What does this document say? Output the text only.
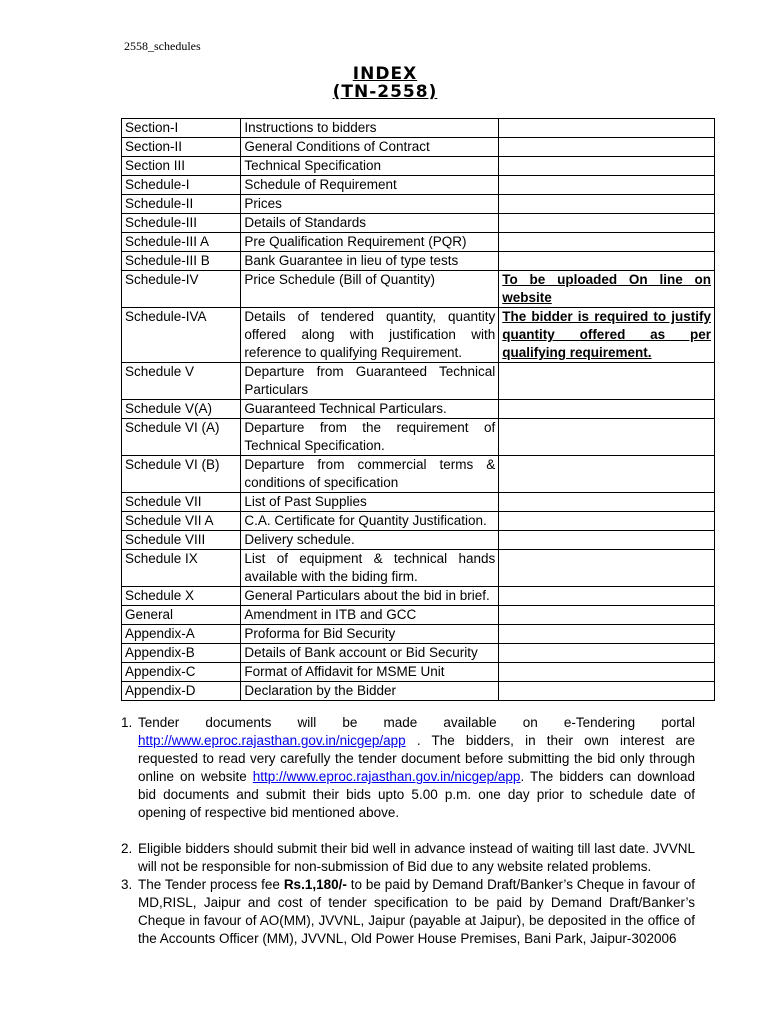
2558_schedules
INDEX
(TN-2558)
Section-I	Instructions to bidders	
Section-II	General Conditions of Contract	
Section III	Technical Specification	
Schedule-I	Schedule of Requirement	
Schedule-II	Prices	
Schedule-III	Details of Standards	
Schedule-III A	Pre Qualification Requirement (PQR)	
Schedule-III B	Bank Guarantee in lieu of type tests	
Schedule-IV	Price Schedule (Bill of Quantity)	To be uploaded On line on website
Schedule-IVA	Details of tendered quantity, quantity offered along with justification with reference to qualifying Requirement.	The bidder is required to justify quantity offered as per qualifying requirement.
Schedule V	Departure from Guaranteed Technical Particulars	
Schedule V(A)	Guaranteed Technical Particulars.	
Schedule VI (A)	Departure from the requirement of Technical Specification.	
Schedule VI (B)	Departure from commercial terms & conditions of specification	
Schedule VII	List of Past Supplies	
Schedule VII A	C.A. Certificate for Quantity Justification.	
Schedule VIII	Delivery schedule.	
Schedule IX	List of equipment & technical hands available with the biding firm.	
Schedule X	General Particulars about the bid in brief.	
General	Amendment in ITB and GCC	
Appendix-A	Proforma for Bid Security	
Appendix-B	Details of Bank account or Bid Security	
Appendix-C	Format of Affidavit for MSME Unit	
Appendix-D	Declaration by the Bidder	
1. Tender documents will be made available on e-Tendering portal http://www.eproc.rajasthan.gov.in/nicgep/app . The bidders, in their own interest are requested to read very carefully the tender document before submitting the bid only through online on website http://www.eproc.rajasthan.gov.in/nicgep/app. The bidders can download bid documents and submit their bids upto 5.00 p.m. one day prior to schedule date of opening of respective bid mentioned above.
2. Eligible bidders should submit their bid well in advance instead of waiting till last date. JVVNL will not be responsible for non-submission of Bid due to any website related problems.
3. The Tender process fee Rs.1,180/- to be paid by Demand Draft/Banker’s Cheque in favour of MD,RISL, Jaipur and cost of tender specification to be paid by Demand Draft/Banker’s Cheque in favour of AO(MM), JVVNL, Jaipur (payable at Jaipur), be deposited in the office of the Accounts Officer (MM), JVVNL, Old Power House Premises, Bani Park, Jaipur-302006
